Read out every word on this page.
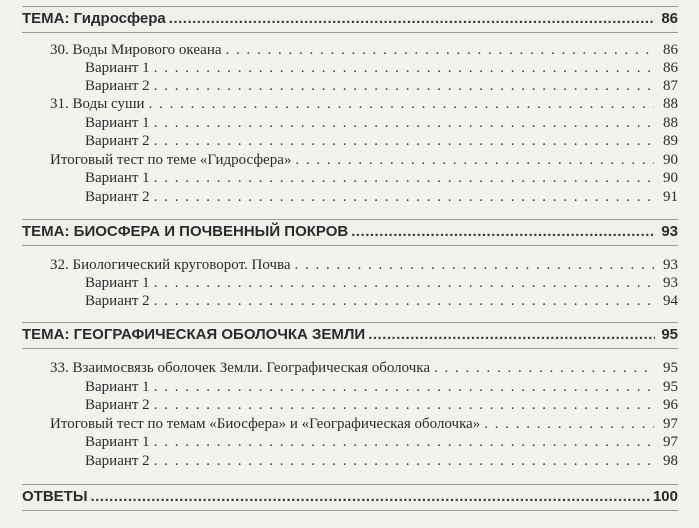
ТЕМА: Гидросфера .....	86
30. Воды Мирового океана . . .	86
Вариант 1 . . .	86
Вариант 2 . . .	87
31. Воды суши . . .	88
Вариант 1 . . .	88
Вариант 2 . . .	89
Итоговый тест по теме «Гидросфера» . . .	90
Вариант 1 . . .	90
Вариант 2 . . .	91
ТЕМА: БИОСФЕРА И ПОЧВЕННЫЙ ПОКРОВ .....	93
32. Биологический круговорот. Почва . . .	93
Вариант 1 . . .	93
Вариант 2 . . .	94
ТЕМА: ГЕОГРАФИЧЕСКАЯ ОБОЛОЧКА ЗЕМЛИ .....	95
33. Взаимосвязь оболочек Земли. Географическая оболочка . . .	95
Вариант 1 . . .	95
Вариант 2 . . .	96
Итоговый тест по темам «Биосфера» и «Географическая оболочка» . . .	97
Вариант 1 . . .	97
Вариант 2 . . .	98
ОТВЕТЫ .....	100
